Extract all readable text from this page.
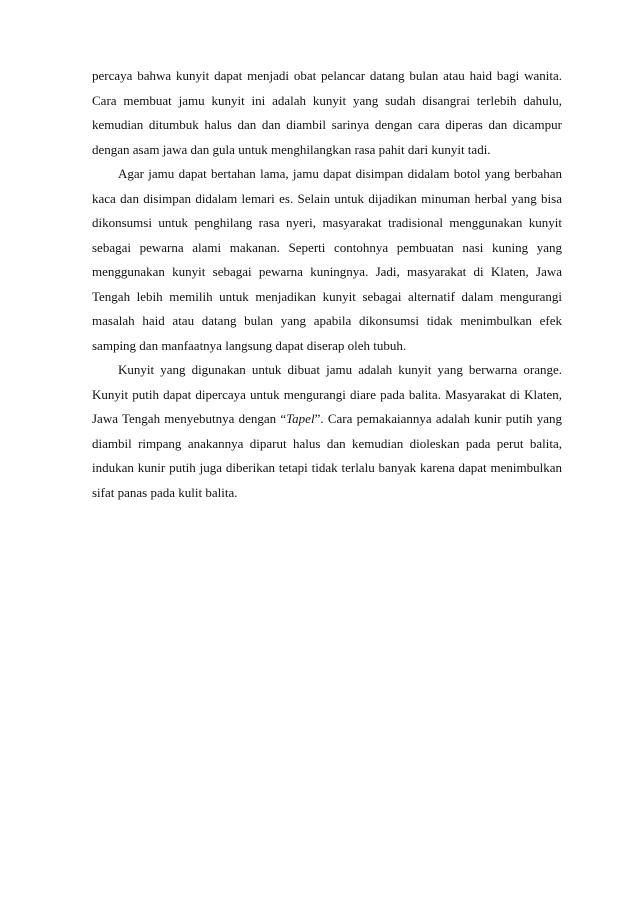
percaya bahwa kunyit dapat menjadi obat pelancar datang bulan atau haid bagi wanita. Cara membuat jamu kunyit ini adalah kunyit yang sudah disangrai terlebih dahulu, kemudian ditumbuk halus dan dan diambil sarinya dengan cara diperas dan dicampur dengan asam jawa dan gula untuk menghilangkan rasa pahit dari kunyit tadi.

Agar jamu dapat bertahan lama, jamu dapat disimpan didalam botol yang berbahan kaca dan disimpan didalam lemari es. Selain untuk dijadikan minuman herbal yang bisa dikonsumsi untuk penghilang rasa nyeri, masyarakat tradisional menggunakan kunyit sebagai pewarna alami makanan. Seperti contohnya pembuatan nasi kuning yang menggunakan kunyit sebagai pewarna kuningnya. Jadi, masyarakat di Klaten, Jawa Tengah lebih memilih untuk menjadikan kunyit sebagai alternatif dalam mengurangi masalah haid atau datang bulan yang apabila dikonsumsi tidak menimbulkan efek samping dan manfaatnya langsung dapat diserap oleh tubuh.

Kunyit yang digunakan untuk dibuat jamu adalah kunyit yang berwarna orange. Kunyit putih dapat dipercaya untuk mengurangi diare pada balita. Masyarakat di Klaten, Jawa Tengah menyebutnya dengan “Tapel”. Cara pemakaiannya adalah kunir putih yang diambil rimpang anakannya diparut halus dan kemudian dioleskan pada perut balita, indukan kunir putih juga diberikan tetapi tidak terlalu banyak karena dapat menimbulkan sifat panas pada kulit balita.
